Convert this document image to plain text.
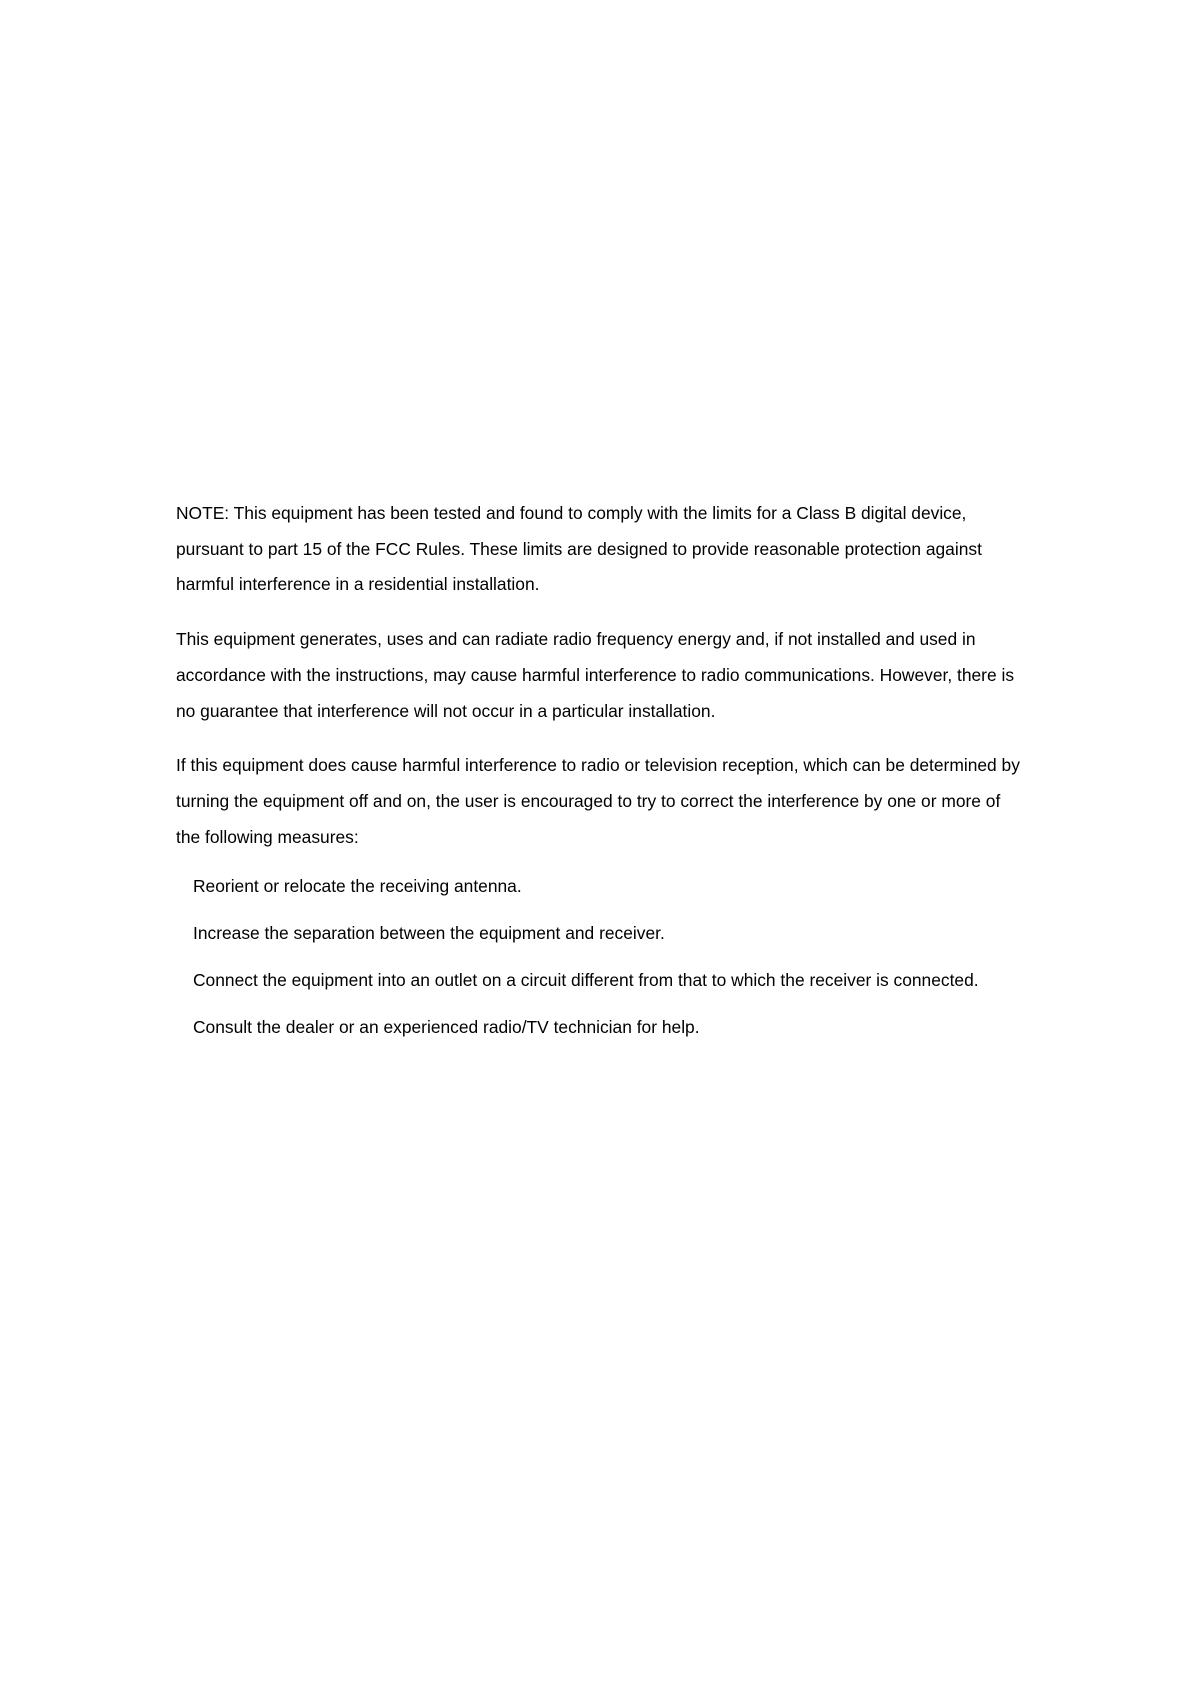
NOTE: This equipment has been tested and found to comply with the limits for a Class B digital device, pursuant to part 15 of the FCC Rules. These limits are designed to provide reasonable protection against harmful interference in a residential installation.

This equipment generates, uses and can radiate radio frequency energy and, if not installed and used in accordance with the instructions, may cause harmful interference to radio communications. However, there is no guarantee that interference will not occur in a particular installation.

If this equipment does cause harmful interference to radio or television reception, which can be determined by turning the equipment off and on, the user is encouraged to try to correct the interference by one or more of the following measures:

Reorient or relocate the receiving antenna.
Increase the separation between the equipment and receiver.
Connect the equipment into an outlet on a circuit different from that to which the receiver is connected.
Consult the dealer or an experienced radio/TV technician for help.
